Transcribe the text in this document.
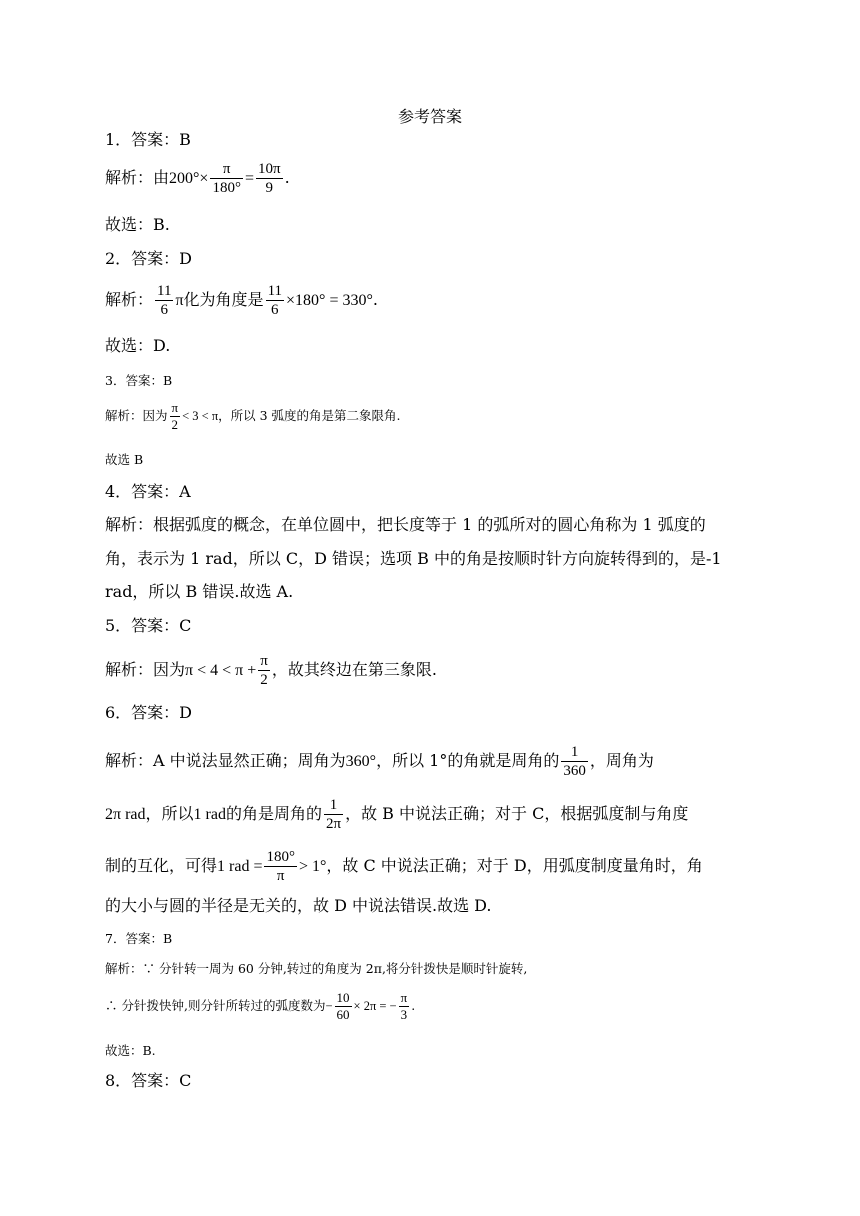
参考答案
1．答案：B
解析：由$200^\circ\times \frac{\pi}{180^\circ} = \frac{10\pi}{9}$ .
故选：B.
2．答案：D
解析： $\frac{11}{6}$ π化为角度是 $\frac{11}{6} \times 180^\circ = 330^\circ$.
故选：D.
3．答案：B
解析：因为 $\frac{\pi}{2} < 3 < \pi$，所以 3 弧度的角是第二象限角.
故选 B
4．答案：A
解析：根据弧度的概念，在单位圆中，把长度等于 1 的弧所对的圆心角称为 1 弧度的
角，表示为 1 rad，所以 C，D 错误；选项 B 中的角是按顺时针方向旋转得到的，是-1
rad，所以 B 错误.故选 A.
5．答案：C
解析：因为$\pi < 4 < \pi + \frac{\pi}{2}$ ，故其终边在第三象限.
6．答案：D
解析：A 中说法显然正确；周角为360°，所以 1°的角就是周角的 $\frac{1}{360}$ ，周角为
2π rad，所以1 rad的角是周角的 $\frac{1}{2\pi}$ ，故 B 中说法正确；对于 C，根据弧度制与角度
制的互化，可得1 rad = $\frac{180^\circ}{\pi} > 1^\circ$，故 C 中说法正确；对于 D，用弧度制度量角时，角
的大小与圆的半径是无关的，故 D 中说法错误.故选 D.
7．答案：B
解析：∵ 分针转一周为 60 分钟,转过的角度为 2π,将分针拨快是顺时针旋转,
∴ 分针拨快钟,则分针所转过的弧度数为− $\frac{10}{60} \times 2\pi$ = − $\frac{\pi}{3}$ .
故选：B.
8．答案：C
